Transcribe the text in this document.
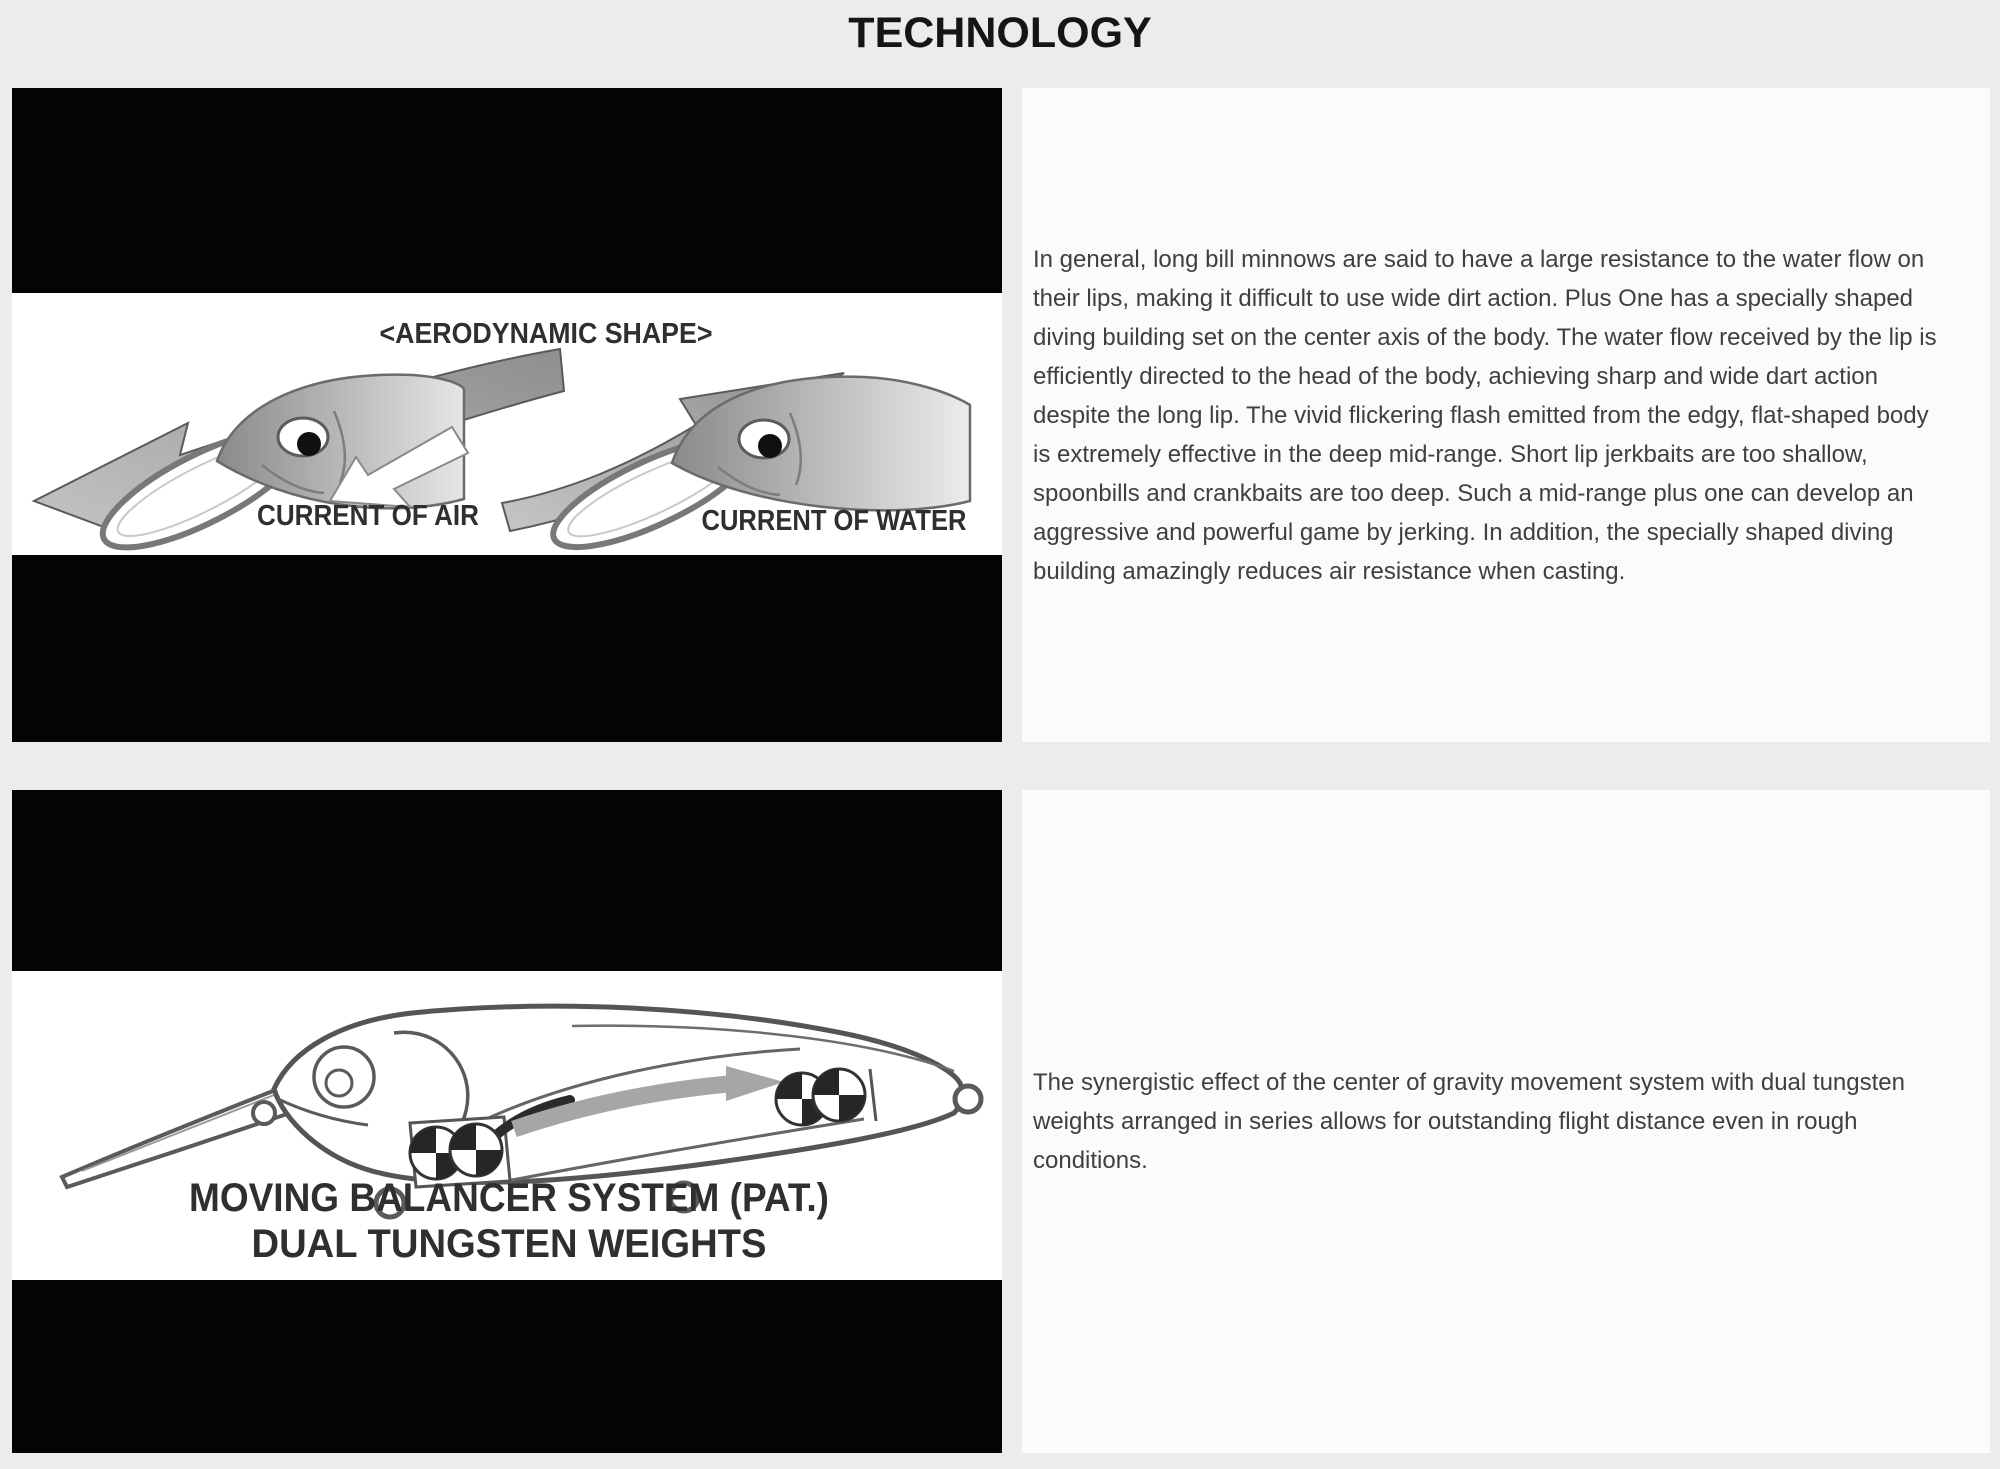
TECHNOLOGY
<AERODYNAMIC SHAPE>
CURRENT OF AIR	CURRENT OF WATER

In general, long bill minnows are said to have a large resistance to the water flow on their lips, making it difficult to use wide dirt action. Plus One has a specially shaped diving building set on the center axis of the body. The water flow received by the lip is efficiently directed to the head of the body, achieving sharp and wide dart action despite the long lip. The vivid flickering flash emitted from the edgy, flat-shaped body is extremely effective in the deep mid-range. Short lip jerkbaits are too shallow, spoonbills and crankbaits are too deep. Such a mid-range plus one can develop an aggressive and powerful game by jerking. In addition, the specially shaped diving building amazingly reduces air resistance when casting.

MOVING BALANCER SYSTEM (PAT.)
DUAL TUNGSTEN WEIGHTS

The synergistic effect of the center of gravity movement system with dual tungsten weights arranged in series allows for outstanding flight distance even in rough conditions.
